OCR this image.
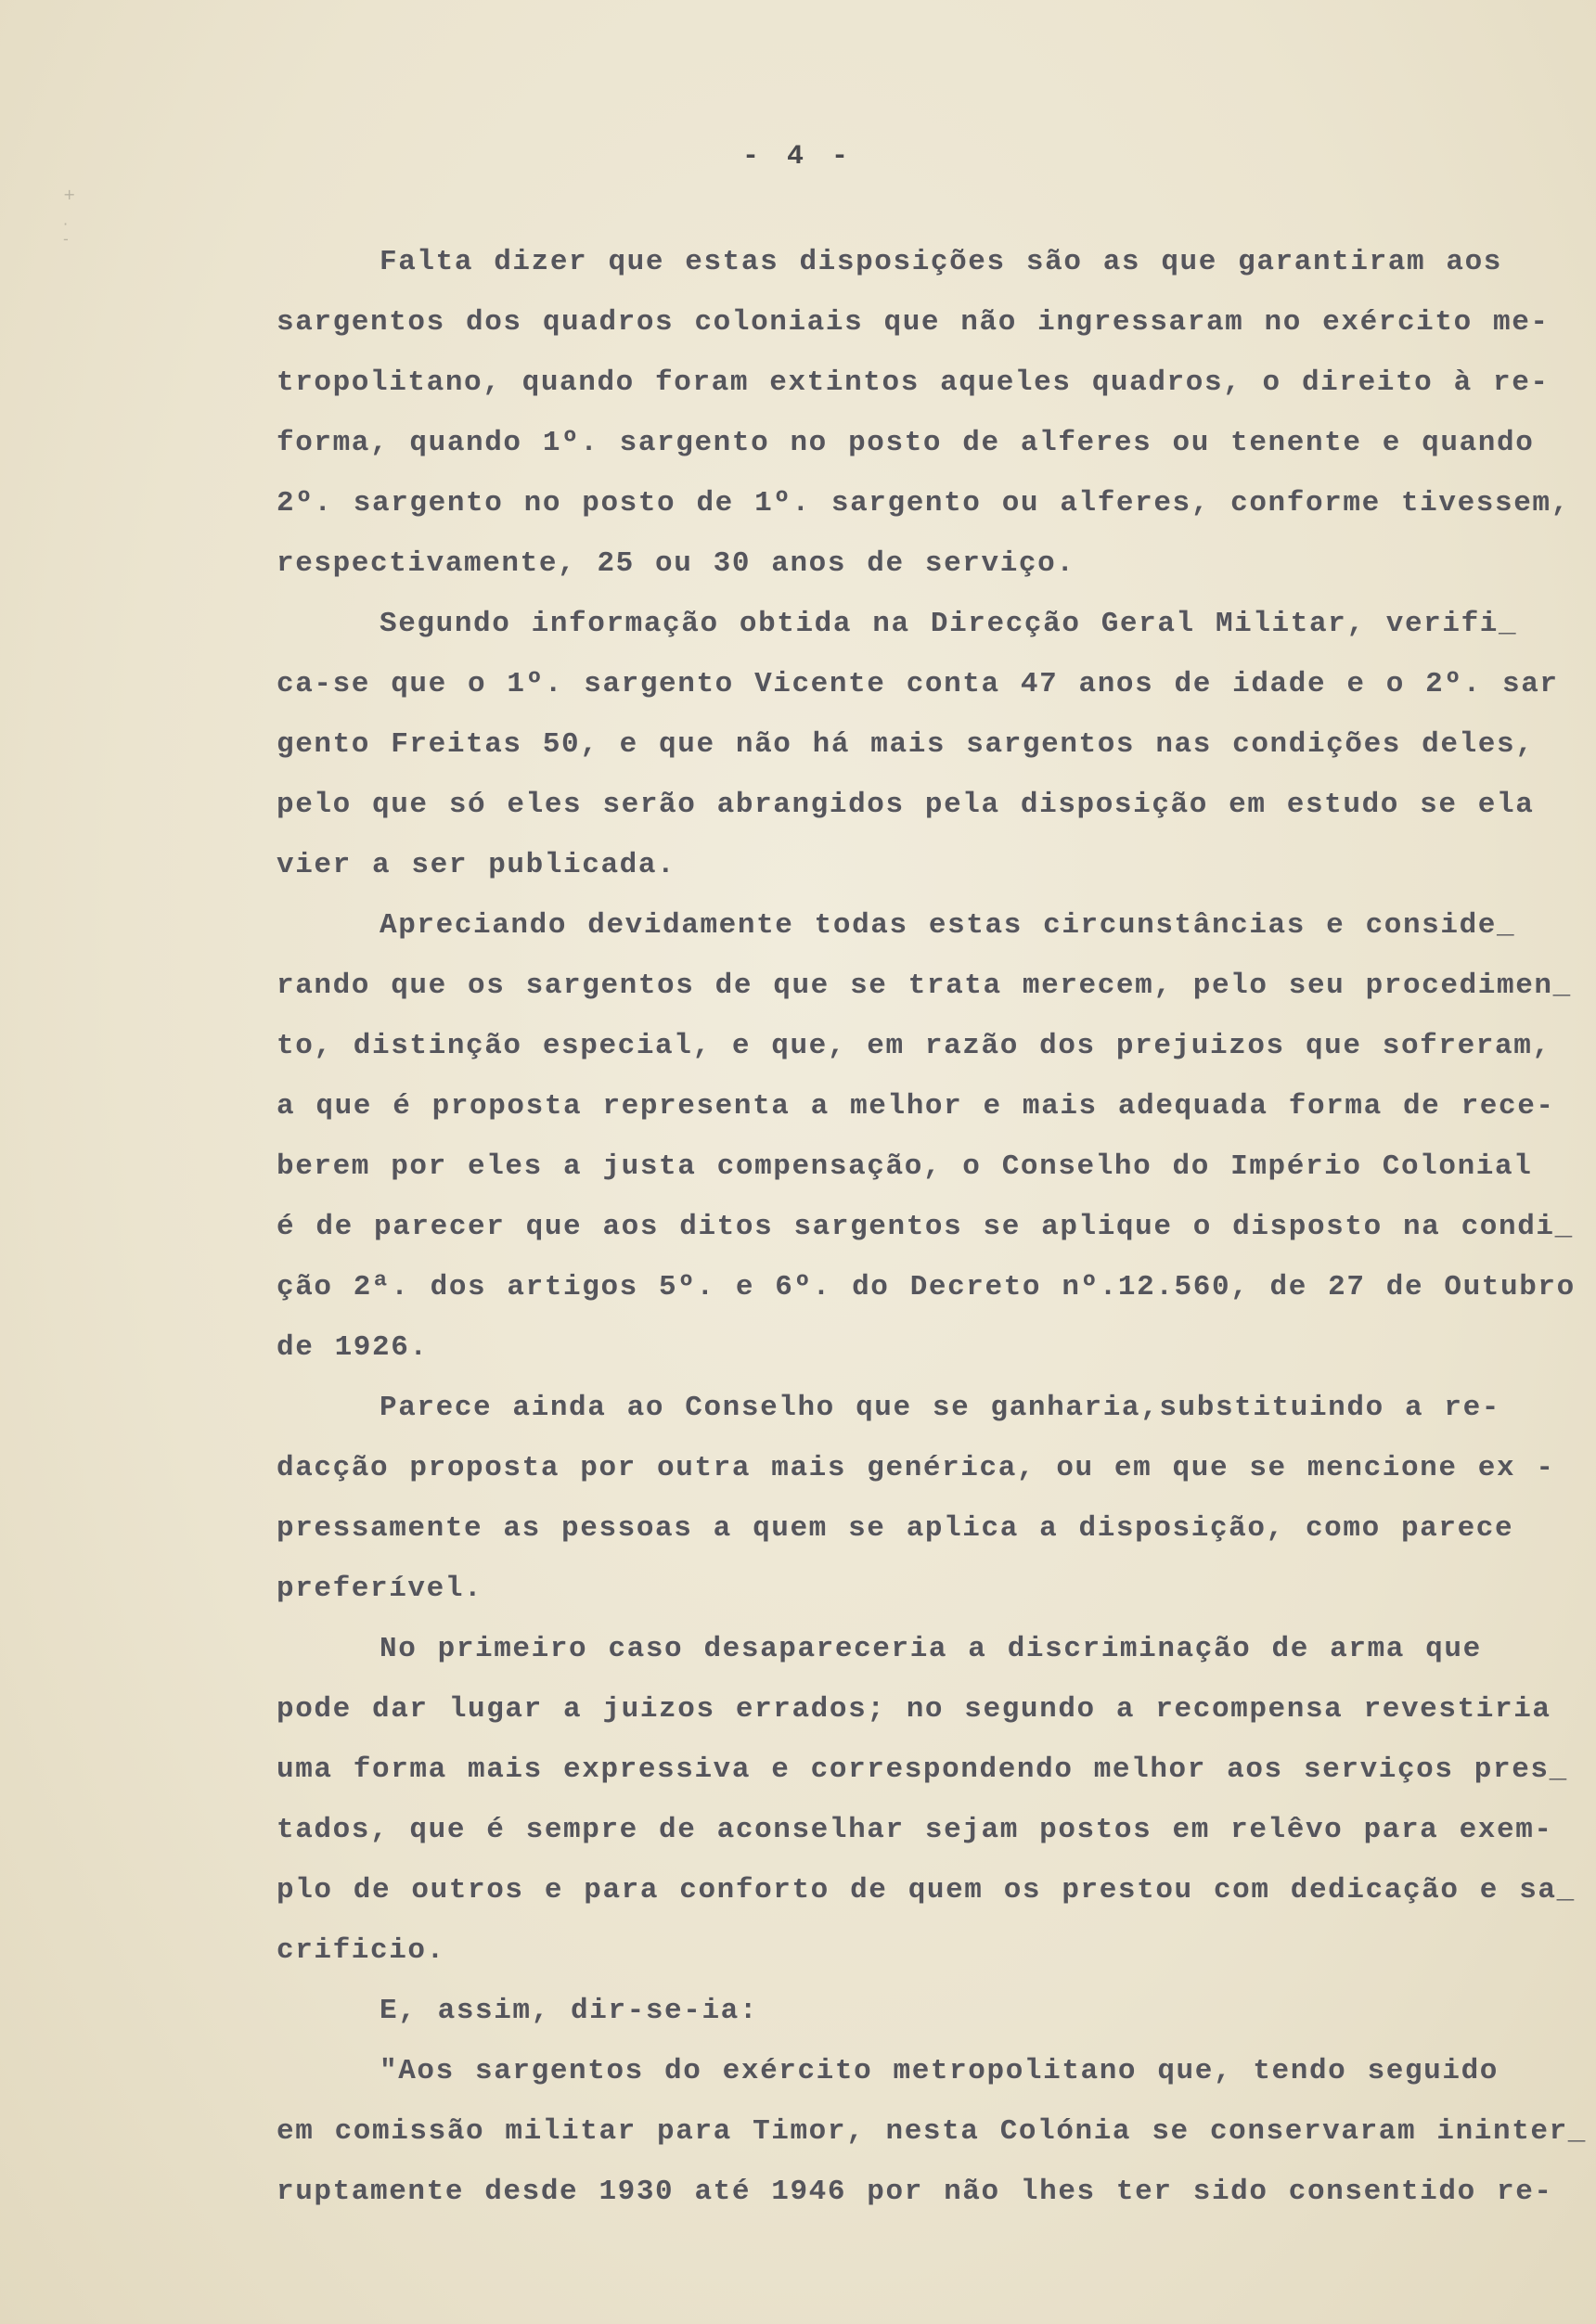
+
·
-
- 4 -
Falta dizer que estas disposições são as que garantiram aos
sargentos dos quadros coloniais que não ingressaram no exército me-
tropolitano, quando foram extintos aqueles quadros, o direito à re-
forma, quando 1º. sargento no posto de alferes ou tenente e quando
2º. sargento no posto de 1º. sargento ou alferes, conforme tivessem,
respectivamente, 25 ou 30 anos de serviço.
Segundo informação obtida na Direcção Geral Militar, verifi_
ca-se que o 1º. sargento Vicente conta 47 anos de idade e o 2º. sar
gento Freitas 50, e que não há mais sargentos nas condições deles,
pelo que só eles serão abrangidos pela disposição em estudo se ela
vier a ser publicada.
Apreciando devidamente todas estas circunstâncias e conside_
rando que os sargentos de que se trata merecem, pelo seu procedimen_
to, distinção especial, e que, em razão dos prejuizos que sofreram,
a que é proposta representa a melhor e mais adequada forma de rece-
berem por eles a justa compensação, o Conselho do Império Colonial
é de parecer que aos ditos sargentos se aplique o disposto na condi_
ção 2ª. dos artigos 5º. e 6º. do Decreto nº.12.560, de 27 de Outubro
de 1926.
Parece ainda ao Conselho que se ganharia,substituindo a re-
dacção proposta por outra mais genérica, ou em que se mencione ex -
pressamente as pessoas a quem se aplica a disposição, como parece
preferível.
No primeiro caso desapareceria a discriminação de arma que
pode dar lugar a juizos errados; no segundo a recompensa revestiria
uma forma mais expressiva e correspondendo melhor aos serviços pres_
tados, que é sempre de aconselhar sejam postos em relêvo para exem-
plo de outros e para conforto de quem os prestou com dedicação e sa_
crificio.
E, assim, dir-se-ia:
"Aos sargentos do exército metropolitano que, tendo seguido
em comissão militar para Timor, nesta Colónia se conservaram ininter_
ruptamente desde 1930 até 1946 por não lhes ter sido consentido re-
